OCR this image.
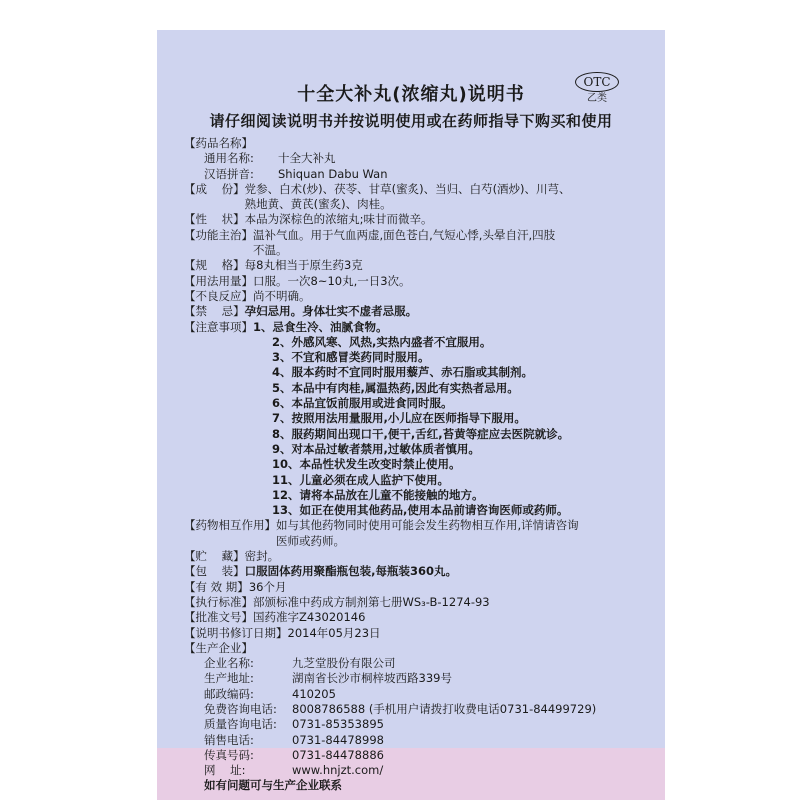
十全大补丸(浓缩丸)说明书
OTC
乙类
请仔细阅读说明书并按说明使用或在药师指导下购买和使用
【药品名称】
通用名称:	十全大补丸
汉语拼音:	Shiquan Dabu Wan
【成    份】 党参、白术(炒)、茯苓、甘草(蜜炙)、当归、白芍(酒炒)、川芎、
熟地黄、黄芪(蜜炙)、肉桂。
【性    状】 本品为深棕色的浓缩丸;味甘而微辛。
【功能主治】 温补气血。用于气血两虚,面色苍白,气短心悸,头晕自汗,四肢
不温。
【规    格】 每8丸相当于原生药3克
【用法用量】 口服。一次8~10丸,一日3次。
【不良反应】 尚不明确。
【禁    忌】 孕妇忌用。身体壮实不虚者忌服。
【注意事项】 1、忌食生冷、油腻食物。
2、外感风寒、风热,实热内盛者不宜服用。
3、不宜和感冒类药同时服用。
4、服本药时不宜同时服用藜芦、赤石脂或其制剂。
5、本品中有肉桂,属温热药,因此有实热者忌用。
6、本品宜饭前服用或进食同时服。
7、按照用法用量服用,小儿应在医师指导下服用。
8、服药期间出现口干,便干,舌红,苔黄等症应去医院就诊。
9、对本品过敏者禁用,过敏体质者慎用。
10、本品性状发生改变时禁止使用。
11、儿童必须在成人监护下使用。
12、请将本品放在儿童不能接触的地方。
13、如正在使用其他药品,使用本品前请咨询医师或药师。
【药物相互作用】 如与其他药物同时使用可能会发生药物相互作用,详情请咨询
医师或药师。
【贮    藏】 密封。
【包    装】 口服固体药用聚酯瓶包装,每瓶装360丸。
【有 效 期】 36个月
【执行标准】 部颁标准中药成方制剂第七册WS₃-B-1274-93
【批准文号】 国药准字Z43020146
【说明书修订日期】 2014年05月23日
【生产企业】
企业名称:	九芝堂股份有限公司
生产地址:	湖南省长沙市桐梓坡西路339号
邮政编码:	410205
免费咨询电话:	8008786588 (手机用户请拨打收费电话0731-84499729)
质量咨询电话:	0731-85353895
销售电话:	0731-84478998
传真号码:	0731-84478886
网    址:	www.hnjzt.com/
如有问题可与生产企业联系
